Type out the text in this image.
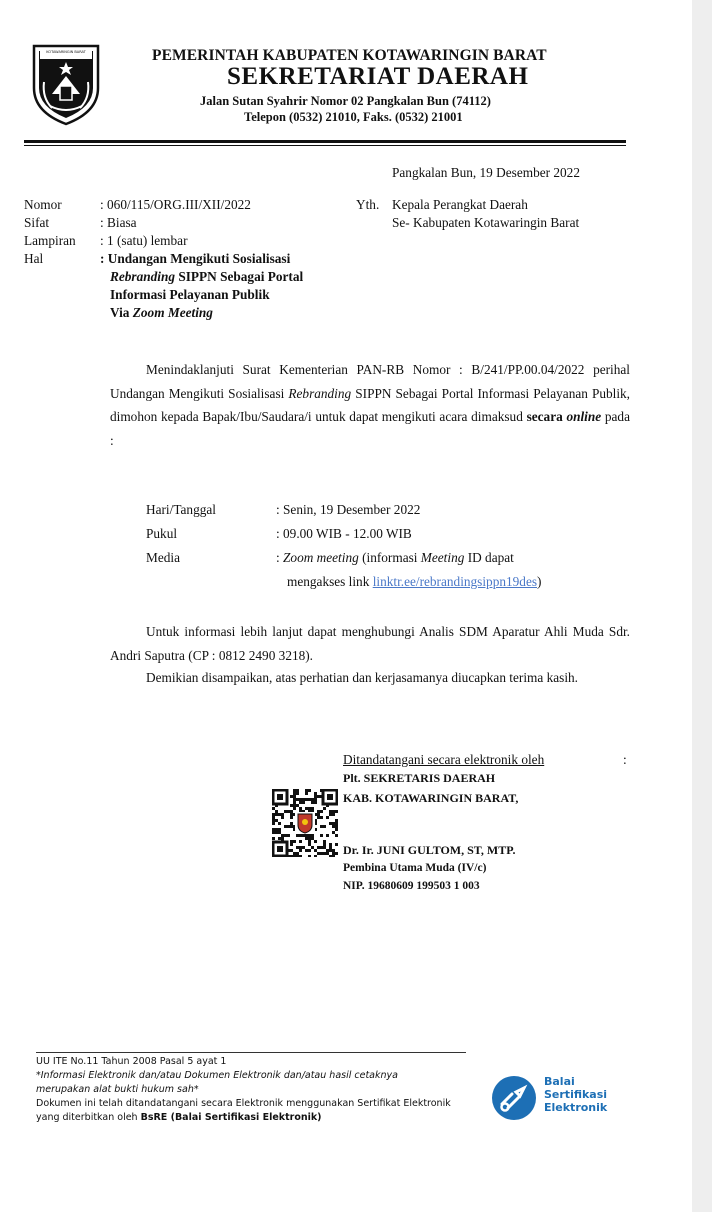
KOTAWARINGIN BARAT	PEMERINTAH KABUPATEN KOTAWARINGIN BARAT
SEKRETARIAT DAERAH
Jalan Sutan Syahrir Nomor 02 Pangkalan Bun (74112)
Telepon (0532) 21010, Faks. (0532) 21001
Pangkalan Bun, 19 Desember 2022
Nomor	: 060/115/ORG.III/XII/2022
Sifat	: Biasa
Lampiran : 1 (satu) lembar
Hal	: Undangan Mengikuti Sosialisasi
Rebranding SIPPN Sebagai Portal
Informasi Pelayanan Publik
Via Zoom Meeting
Yth. Kepala Perangkat Daerah
Se- Kabupaten Kotawaringin Barat
Menindaklanjuti Surat Kementerian PAN-RB Nomor : B/241/PP.00.04/2022 perihal Undangan Mengikuti Sosialisasi Rebranding SIPPN Sebagai Portal Informasi Pelayanan Publik, dimohon kepada Bapak/Ibu/Saudara/i untuk dapat mengikuti acara dimaksud secara online pada :
Hari/Tanggal	: Senin, 19 Desember 2022
Pukul	: 09.00 WIB - 12.00 WIB
Media	: Zoom meeting (informasi Meeting ID dapat
mengakses link linktr.ee/rebrandingsippn19des)
Untuk informasi lebih lanjut dapat menghubungi Analis SDM Aparatur Ahli Muda Sdr. Andri Saputra (CP : 0812 2490 3218).
Demikian disampaikan, atas perhatian dan kerjasamanya diucapkan terima kasih.
Ditandatangani secara elektronik oleh	:
Plt. SEKRETARIS DAERAH
KAB. KOTAWARINGIN BARAT,
Dr. Ir. JUNI GULTOM, ST, MTP.
Pembina Utama Muda (IV/c)
NIP. 19680609 199503 1 003
UU ITE No.11 Tahun 2008 Pasal 5 ayat 1
*Informasi Elektronik dan/atau Dokumen Elektronik dan/atau hasil cetaknya
merupakan alat bukti hukum sah*
Dokumen ini telah ditandatangani secara Elektronik menggunakan Sertifikat Elektronik
yang diterbitkan oleh BsRE (Balai Sertifikasi Elektronik)
Balai
Sertifikasi
Elektronik
